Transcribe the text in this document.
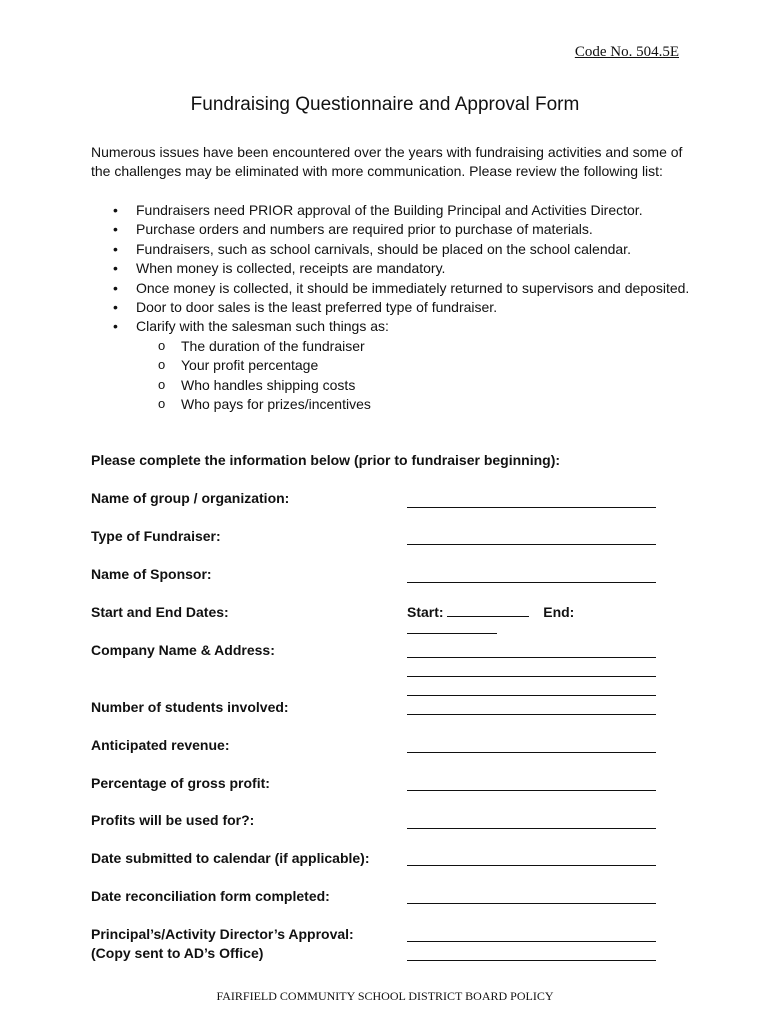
Code No. 504.5E
Fundraising Questionnaire and Approval Form
Numerous issues have been encountered over the years with fundraising activities and some of the challenges may be eliminated with more communication. Please review the following list:
• Fundraisers need PRIOR approval of the Building Principal and Activities Director.
• Purchase orders and numbers are required prior to purchase of materials.
• Fundraisers, such as school carnivals, should be placed on the school calendar.
• When money is collected, receipts are mandatory.
• Once money is collected, it should be immediately returned to supervisors and deposited.
• Door to door sales is the least preferred type of fundraiser.
• Clarify with the salesman such things as:
o The duration of the fundraiser
o Your profit percentage
o Who handles shipping costs
o Who pays for prizes/incentives
Please complete the information below (prior to fundraiser beginning):
Name of group / organization:
Type of Fundraiser:
Name of Sponsor:
Start and End Dates:	Start:	End:
Company Name & Address:
Number of students involved:
Anticipated revenue:
Percentage of gross profit:
Profits will be used for?:
Date submitted to calendar (if applicable):
Date reconciliation form completed:
Principal’s/Activity Director’s Approval:
(Copy sent to AD’s Office)
FAIRFIELD COMMUNITY SCHOOL DISTRICT BOARD POLICY
